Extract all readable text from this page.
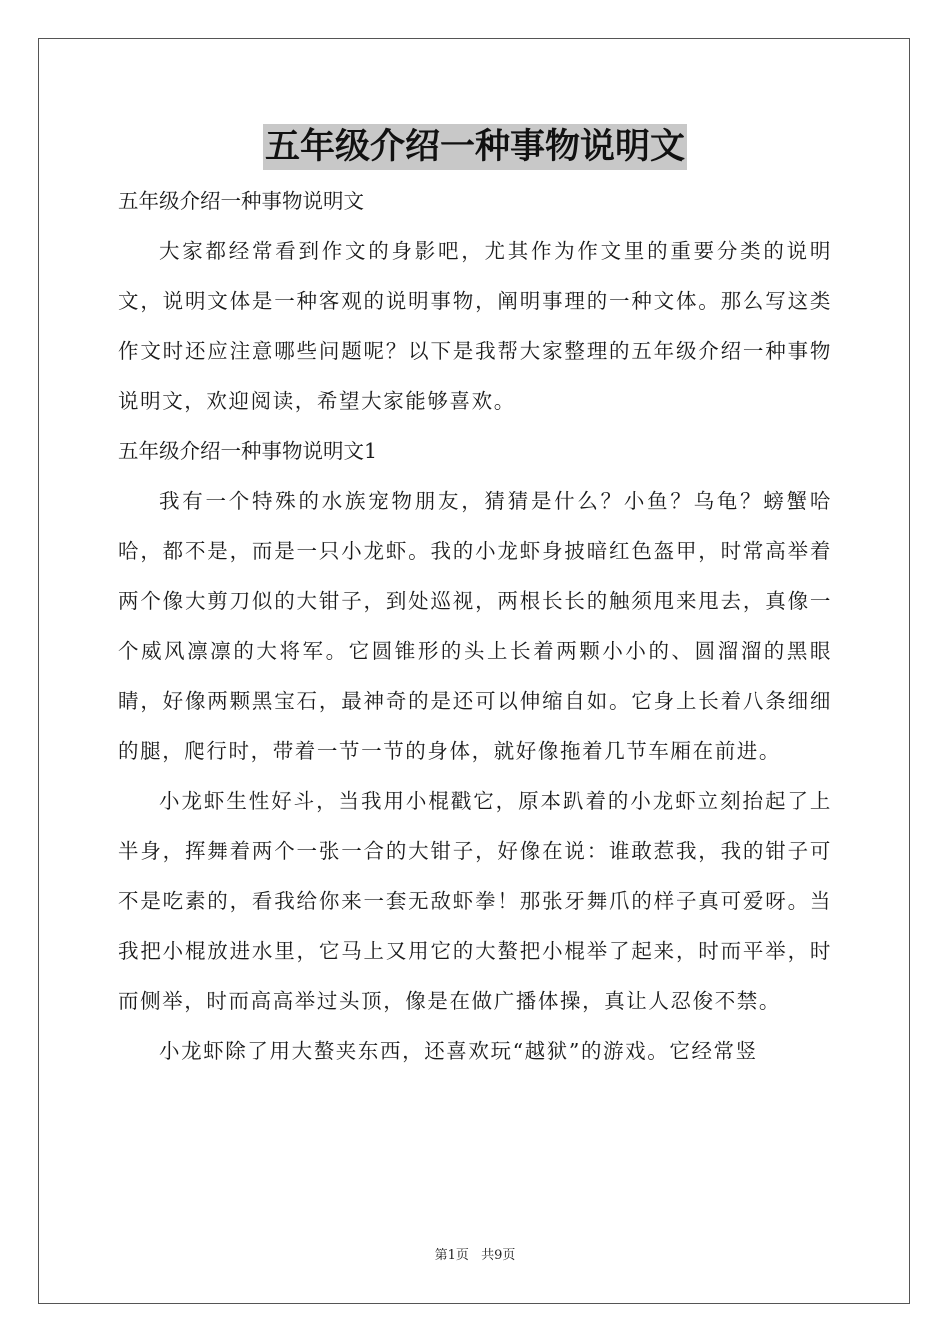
五年级介绍一种事物说明文

五年级介绍一种事物说明文

大家都经常看到作文的身影吧，尤其作为作文里的重要分类的说明文，说明文体是一种客观的说明事物，阐明事理的一种文体。那么写这类作文时还应注意哪些问题呢？以下是我帮大家整理的五年级介绍一种事物说明文，欢迎阅读，希望大家能够喜欢。

五年级介绍一种事物说明文1

我有一个特殊的水族宠物朋友，猜猜是什么？小鱼？乌龟？螃蟹哈哈，都不是，而是一只小龙虾。我的小龙虾身披暗红色盔甲，时常高举着两个像大剪刀似的大钳子，到处巡视，两根长长的触须甩来甩去，真像一个威风凛凛的大将军。它圆锥形的头上长着两颗小小的、圆溜溜的黑眼睛，好像两颗黑宝石，最神奇的是还可以伸缩自如。它身上长着八条细细的腿，爬行时，带着一节一节的身体，就好像拖着几节车厢在前进。

小龙虾生性好斗，当我用小棍戳它，原本趴着的小龙虾立刻抬起了上半身，挥舞着两个一张一合的大钳子，好像在说：谁敢惹我，我的钳子可不是吃素的，看我给你来一套无敌虾拳！那张牙舞爪的样子真可爱呀。当我把小棍放进水里，它马上又用它的大螯把小棍举了起来，时而平举，时而侧举，时而高高举过头顶，像是在做广播体操，真让人忍俊不禁。

小龙虾除了用大螯夹东西，还喜欢玩“越狱”的游戏。它经常竖

第1页 共9页
